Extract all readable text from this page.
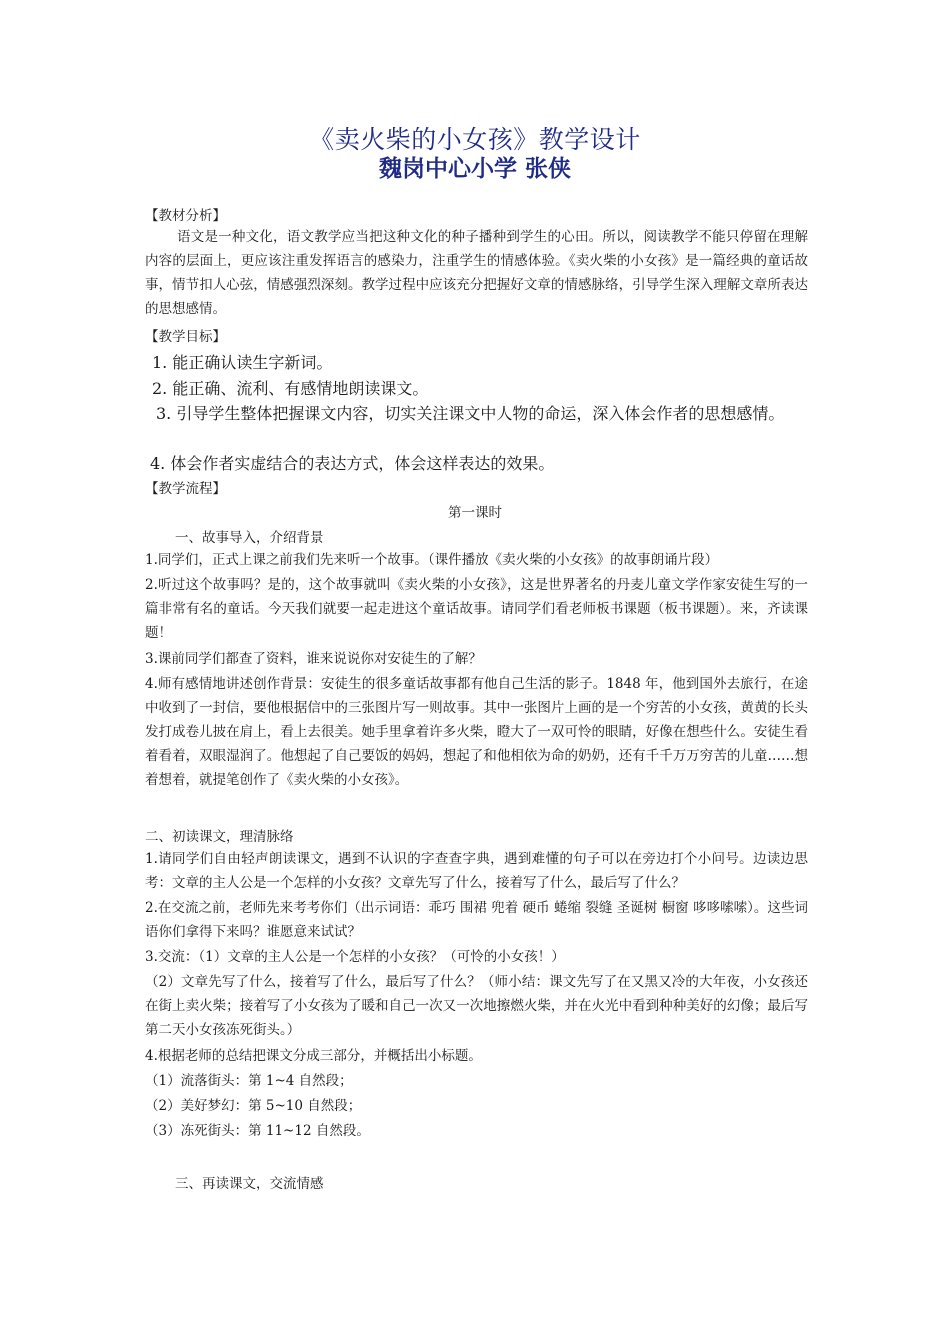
《卖火柴的小女孩》教学设计
魏岗中心小学 张侠
【教材分析】
语文是一种文化，语文教学应当把这种文化的种子播种到学生的心田。所以，阅读教学不能只停留在理解内容的层面上，更应该注重发挥语言的感染力，注重学生的情感体验。《卖火柴的小女孩》是一篇经典的童话故事，情节扣人心弦，情感强烈深刻。教学过程中应该充分把握好文章的情感脉络，引导学生深入理解文章所表达的思想感情。
【教学目标】
1. 能正确认读生字新词。
2. 能正确、流利、有感情地朗读课文。
3. 引导学生整体把握课文内容，切实关注课文中人物的命运，深入体会作者的思想感情。
4. 体会作者实虚结合的表达方式，体会这样表达的效果。
【教学流程】
第一课时
一、故事导入，介绍背景
1.同学们，正式上课之前我们先来听一个故事。（课件播放《卖火柴的小女孩》的故事朗诵片段）
2.听过这个故事吗？是的，这个故事就叫《卖火柴的小女孩》，这是世界著名的丹麦儿童文学作家安徒生写的一篇非常有名的童话。今天我们就要一起走进这个童话故事。请同学们看老师板书课题（板书课题）。来，齐读课题！
3.课前同学们都查了资料，谁来说说你对安徒生的了解？
4.师有感情地讲述创作背景：安徒生的很多童话故事都有他自己生活的影子。1848 年，他到国外去旅行，在途中收到了一封信，要他根据信中的三张图片写一则故事。其中一张图片上画的是一个穷苦的小女孩，黄黄的长头发打成卷儿披在肩上，看上去很美。她手里拿着许多火柴，瞪大了一双可怜的眼睛，好像在想些什么。安徒生看着看着，双眼湿润了。他想起了自己要饭的妈妈，想起了和他相依为命的奶奶，还有千千万万穷苦的儿童……想着想着，就提笔创作了《卖火柴的小女孩》。
二、初读课文，理清脉络
1.请同学们自由轻声朗读课文，遇到不认识的字查查字典，遇到难懂的句子可以在旁边打个小问号。边读边思考：文章的主人公是一个怎样的小女孩？文章先写了什么，接着写了什么，最后写了什么？
2.在交流之前，老师先来考考你们（出示词语：乖巧 围裙 兜着 硬币 蜷缩 裂缝 圣诞树 橱窗 哆哆嗦嗦）。这些词语你们拿得下来吗？谁愿意来试试？
3.交流：（1）文章的主人公是一个怎样的小女孩？（可怜的小女孩！）
（2）文章先写了什么，接着写了什么，最后写了什么？（师小结：课文先写了在又黑又冷的大年夜，小女孩还在街上卖火柴；接着写了小女孩为了暖和自己一次又一次地擦燃火柴，并在火光中看到种种美好的幻像；最后写第二天小女孩冻死街头。）
4.根据老师的总结把课文分成三部分，并概括出小标题。
（1）流落街头：第 1~4 自然段；
（2）美好梦幻：第 5~10 自然段；
（3）冻死街头：第 11~12 自然段。
三、再读课文，交流情感
